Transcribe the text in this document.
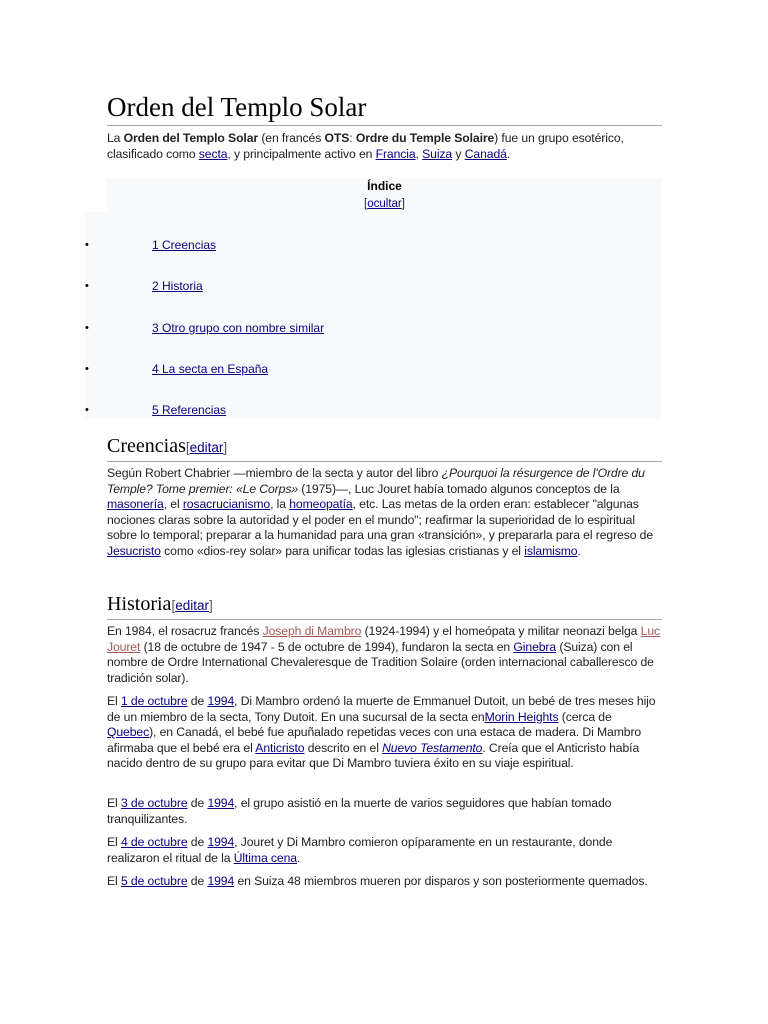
Orden del Templo Solar

La Orden del Templo Solar (en francés OTS: Ordre du Temple Solaire) fue un grupo esotérico, clasificado como secta, y principalmente activo en Francia, Suiza y Canadá.

Índice
[ocultar]
•	1 Creencias
•	2 Historia
•	3 Otro grupo con nombre similar
•	4 La secta en España
•	5 Referencias
Creencias[editar]

Según Robert Chabrier —miembro de la secta y autor del libro ¿Pourquoi la résurgence de l'Ordre du Temple? Tome premier: «Le Corps» (1975)—, Luc Jouret había tomado algunos conceptos de la masonería, el rosacrucianismo, la homeopatía, etc. Las metas de la orden eran: establecer "algunas nociones claras sobre la autoridad y el poder en el mundo"; reafirmar la superioridad de lo espiritual sobre lo temporal; preparar a la humanidad para una gran «transición», y prepararla para el regreso de Jesucristo como «dios-rey solar» para unificar todas las iglesias cristianas y el islamismo.

Historia[editar]

En 1984, el rosacruz francés Joseph di Mambro (1924-1994) y el homeópata y militar neonazi belga Luc Jouret (18 de octubre de 1947 - 5 de octubre de 1994), fundaron la secta en Ginebra (Suiza) con el nombre de Ordre International Chevaleresque de Tradition Solaire (orden internacional caballeresco de tradición solar).

El 1 de octubre de 1994, Di Mambro ordenó la muerte de Emmanuel Dutoit, un bebé de tres meses hijo de un miembro de la secta, Tony Dutoit. En una sucursal de la secta enMorin Heights (cerca de Quebec), en Canadá, el bebé fue apuñalado repetidas veces con una estaca de madera. Di Mambro afirmaba que el bebé era el Anticristo descrito en el Nuevo Testamento. Creía que el Anticristo había nacido dentro de su grupo para evitar que Di Mambro tuviera éxito en su viaje espiritual.

El 3 de octubre de 1994, el grupo asistió en la muerte de varios seguidores que habían tomado tranquilizantes.

El 4 de octubre de 1994, Jouret y Di Mambro comieron opíparamente en un restaurante, donde realizaron el ritual de la Última cena.

El 5 de octubre de 1994 en Suiza 48 miembros mueren por disparos y son posteriormente quemados.
